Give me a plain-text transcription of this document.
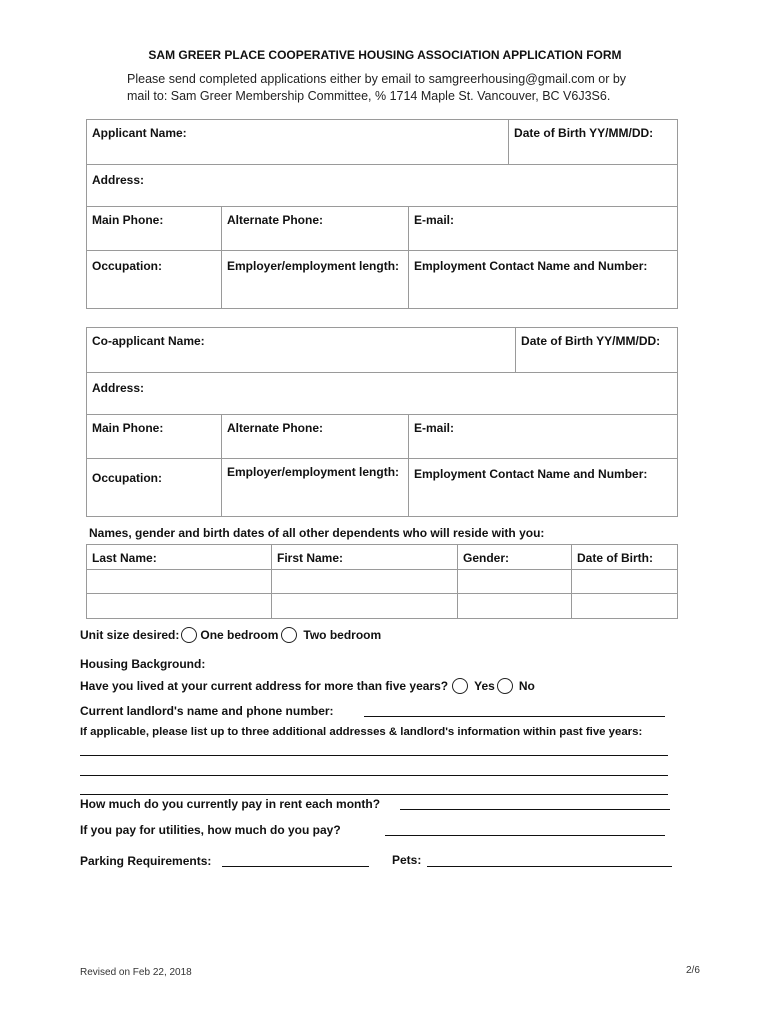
SAM GREER PLACE COOPERATIVE HOUSING ASSOCIATION APPLICATION FORM
Please send completed applications either by email to samgreerhousing@gmail.com or by
mail to: Sam Greer Membership Committee, % 1714 Maple St. Vancouver, BC V6J3S6.
Applicant Name:			Date of Birth YY/MM/DD:
Address:			
Main Phone:	Alternate Phone:	E-mail:	
Occupation:	Employer/employment length:	Employment Contact Name and Number:	
Co-applicant Name:			Date of Birth YY/MM/DD:
Address:			
Main Phone:	Alternate Phone:	E-mail:	
Occupation:	Employer/employment length:	Employment Contact Name and Number:	
Names, gender and birth dates of all other dependents who will reside with you:
Last Name:	First Name:	Gender:	Date of Birth:

Unit size desired: One bedroom Two bedroom
Housing Background:
Have you lived at your current address for more than five years? Yes No
Current landlord's name and phone number:
If applicable, please list up to three additional addresses & landlord's information within past five years:
How much do you currently pay in rent each month?
If you pay for utilities, how much do you pay?
Parking Requirements:	Pets:
Revised on Feb 22, 2018	2/6
